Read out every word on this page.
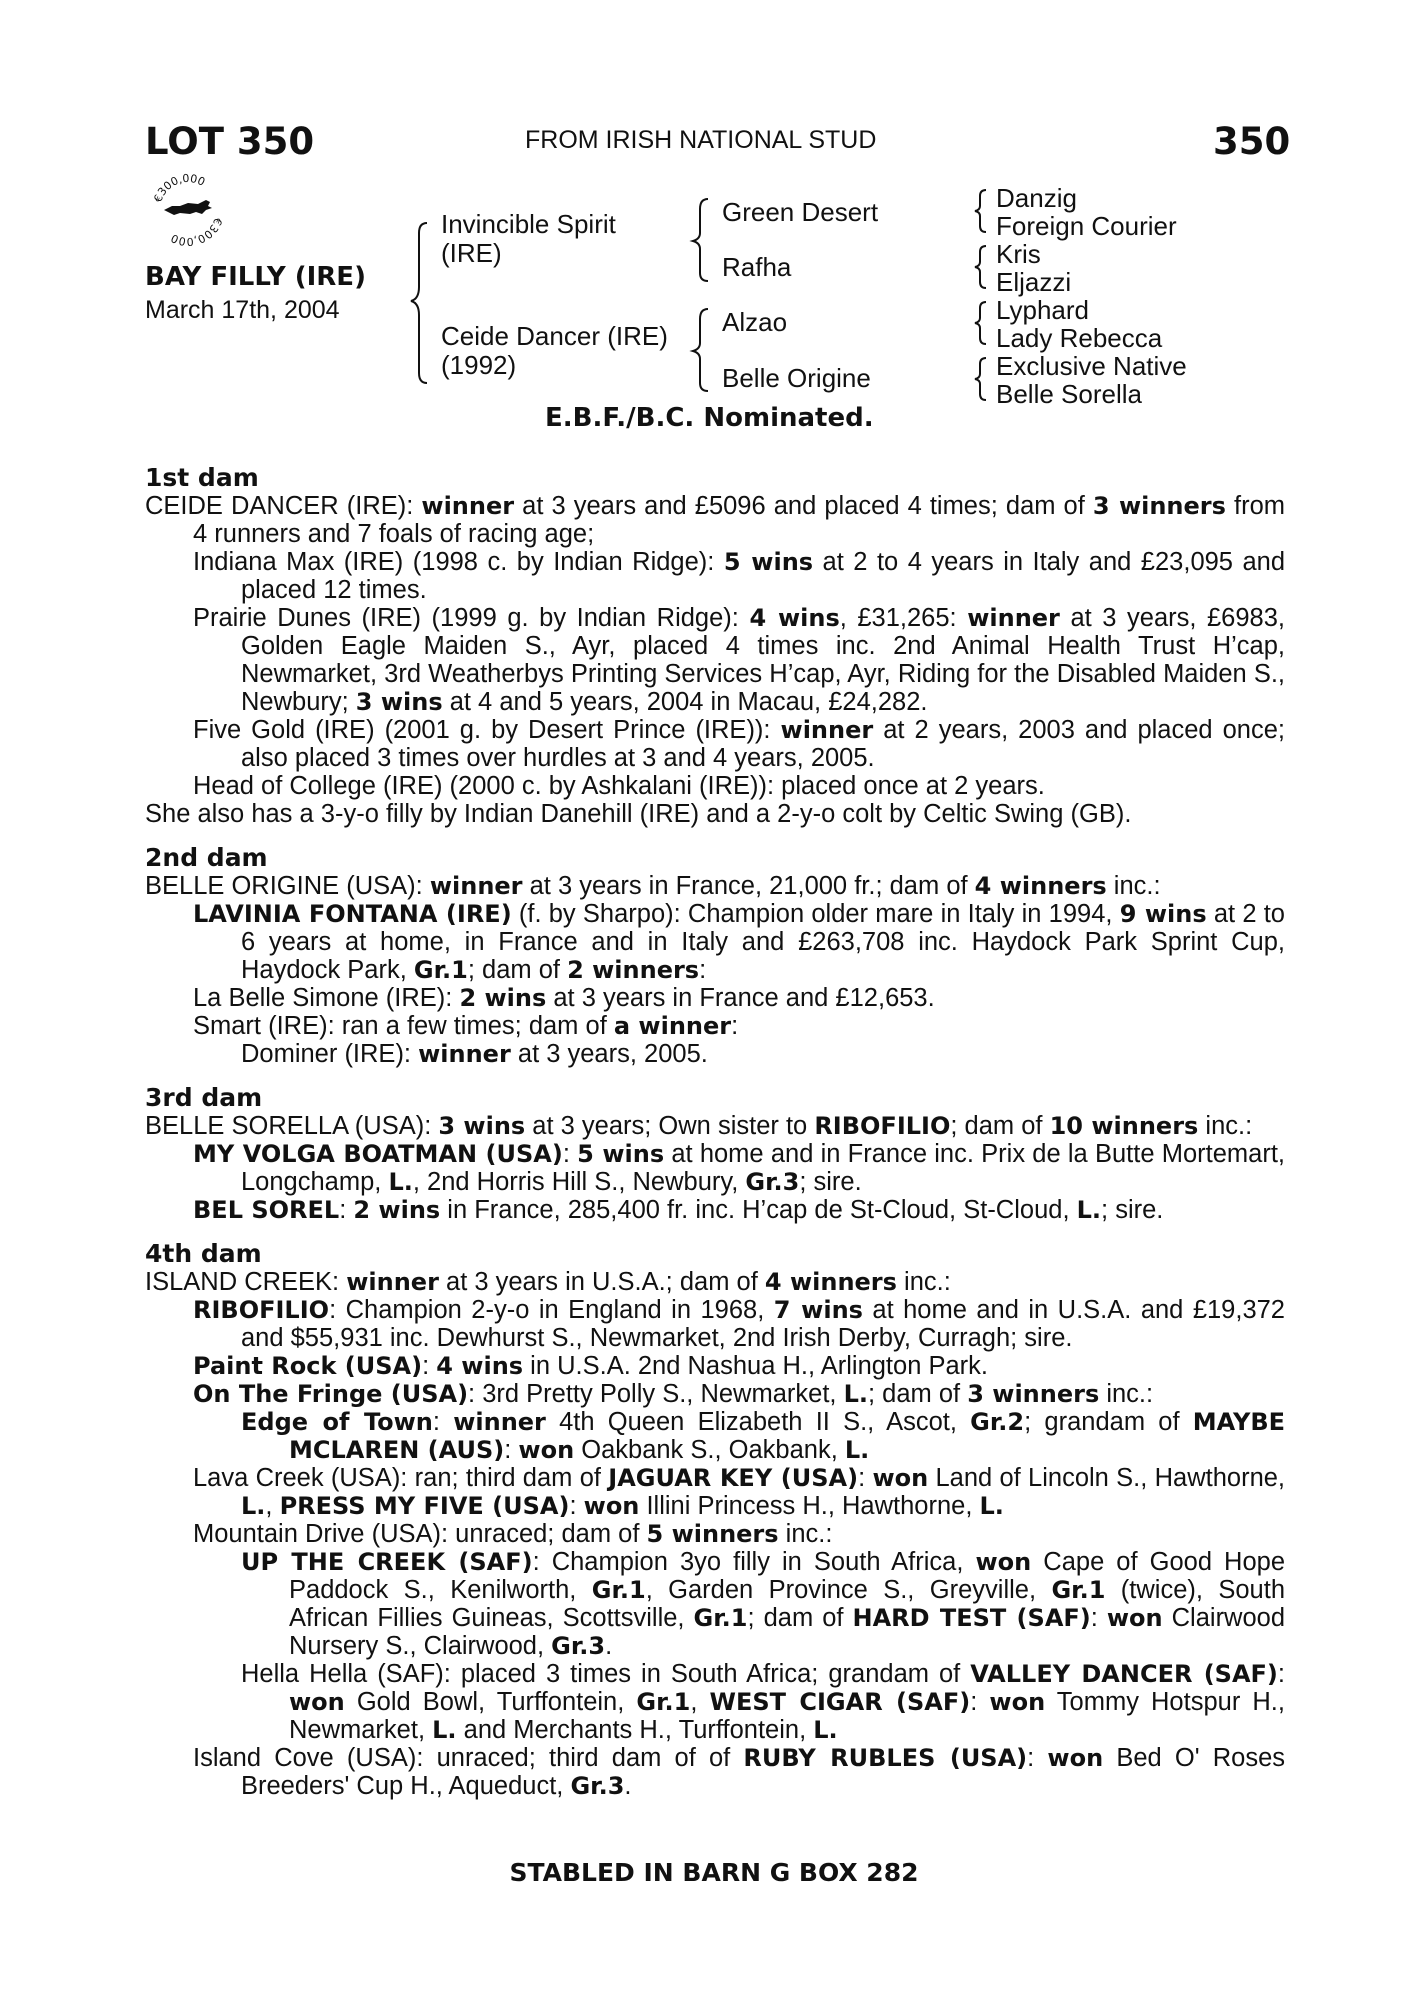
LOT 350	FROM IRISH NATIONAL STUD	350
€300,000
€300,000
BAY FILLY (IRE)
March 17th, 2004
Invincible Spirit
(IRE)
Ceide Dancer (IRE)
(1992)
Green Desert
Rafha
Alzao
Belle Origine
Danzig
Foreign Courier
Kris
Eljazzi
Lyphard
Lady Rebecca
Exclusive Native
Belle Sorella
E.B.F./B.C. Nominated.
1st dam

CEIDE DANCER (IRE): winner at 3 years and £5096 and placed 4 times; dam of 3 winners from 4 runners and 7 foals of racing age;

Indiana Max (IRE) (1998 c. by Indian Ridge): 5 wins at 2 to 4 years in Italy and £23,095 and placed 12 times.

Prairie Dunes (IRE) (1999 g. by Indian Ridge): 4 wins, £31,265: winner at 3 years, £6983, Golden Eagle Maiden S., Ayr, placed 4 times inc. 2nd Animal Health Trust H’cap, Newmarket, 3rd Weatherbys Printing Services H’cap, Ayr, Riding for the Disabled Maiden S., Newbury; 3 wins at 4 and 5 years, 2004 in Macau, £24,282.

Five Gold (IRE) (2001 g. by Desert Prince (IRE)): winner at 2 years, 2003 and placed once; also placed 3 times over hurdles at 3 and 4 years, 2005.

Head of College (IRE) (2000 c. by Ashkalani (IRE)): placed once at 2 years.

She also has a 3-y-o filly by Indian Danehill (IRE) and a 2-y-o colt by Celtic Swing (GB).

2nd dam

BELLE ORIGINE (USA): winner at 3 years in France, 21,000 fr.; dam of 4 winners inc.:

LAVINIA FONTANA (IRE) (f. by Sharpo): Champion older mare in Italy in 1994, 9 wins at 2 to 6 years at home, in France and in Italy and £263,708 inc. Haydock Park Sprint Cup, Haydock Park, Gr.1; dam of 2 winners:

La Belle Simone (IRE): 2 wins at 3 years in France and £12,653.

Smart (IRE): ran a few times; dam of a winner:

Dominer (IRE): winner at 3 years, 2005.

3rd dam

BELLE SORELLA (USA): 3 wins at 3 years; Own sister to RIBOFILIO; dam of 10 winners inc.:

MY VOLGA BOATMAN (USA): 5 wins at home and in France inc. Prix de la Butte Mortemart, Longchamp, L., 2nd Horris Hill S., Newbury, Gr.3; sire.

BEL SOREL: 2 wins in France, 285,400 fr. inc. H’cap de St-Cloud, St-Cloud, L.; sire.

4th dam

ISLAND CREEK: winner at 3 years in U.S.A.; dam of 4 winners inc.:

RIBOFILIO: Champion 2-y-o in England in 1968, 7 wins at home and in U.S.A. and £19,372 and $55,931 inc. Dewhurst S., Newmarket, 2nd Irish Derby, Curragh; sire.

Paint Rock (USA): 4 wins in U.S.A. 2nd Nashua H., Arlington Park.

On The Fringe (USA): 3rd Pretty Polly S., Newmarket, L.; dam of 3 winners inc.:

Edge of Town: winner 4th Queen Elizabeth II S., Ascot, Gr.2; grandam of MAYBE MCLAREN (AUS): won Oakbank S., Oakbank, L.

Lava Creek (USA): ran; third dam of JAGUAR KEY (USA): won Land of Lincoln S., Hawthorne, L., PRESS MY FIVE (USA): won Illini Princess H., Hawthorne, L.

Mountain Drive (USA): unraced; dam of 5 winners inc.:

UP THE CREEK (SAF): Champion 3yo filly in South Africa, won Cape of Good Hope Paddock S., Kenilworth, Gr.1, Garden Province S., Greyville, Gr.1 (twice), South African Fillies Guineas, Scottsville, Gr.1; dam of HARD TEST (SAF): won Clairwood Nursery S., Clairwood, Gr.3.

Hella Hella (SAF): placed 3 times in South Africa; grandam of VALLEY DANCER (SAF): won Gold Bowl, Turffontein, Gr.1, WEST CIGAR (SAF): won Tommy Hotspur H., Newmarket, L. and Merchants H., Turffontein, L.

Island Cove (USA): unraced; third dam of of RUBY RUBLES (USA): won Bed O' Roses Breeders' Cup H., Aqueduct, Gr.3.

STABLED IN BARN G BOX 282
